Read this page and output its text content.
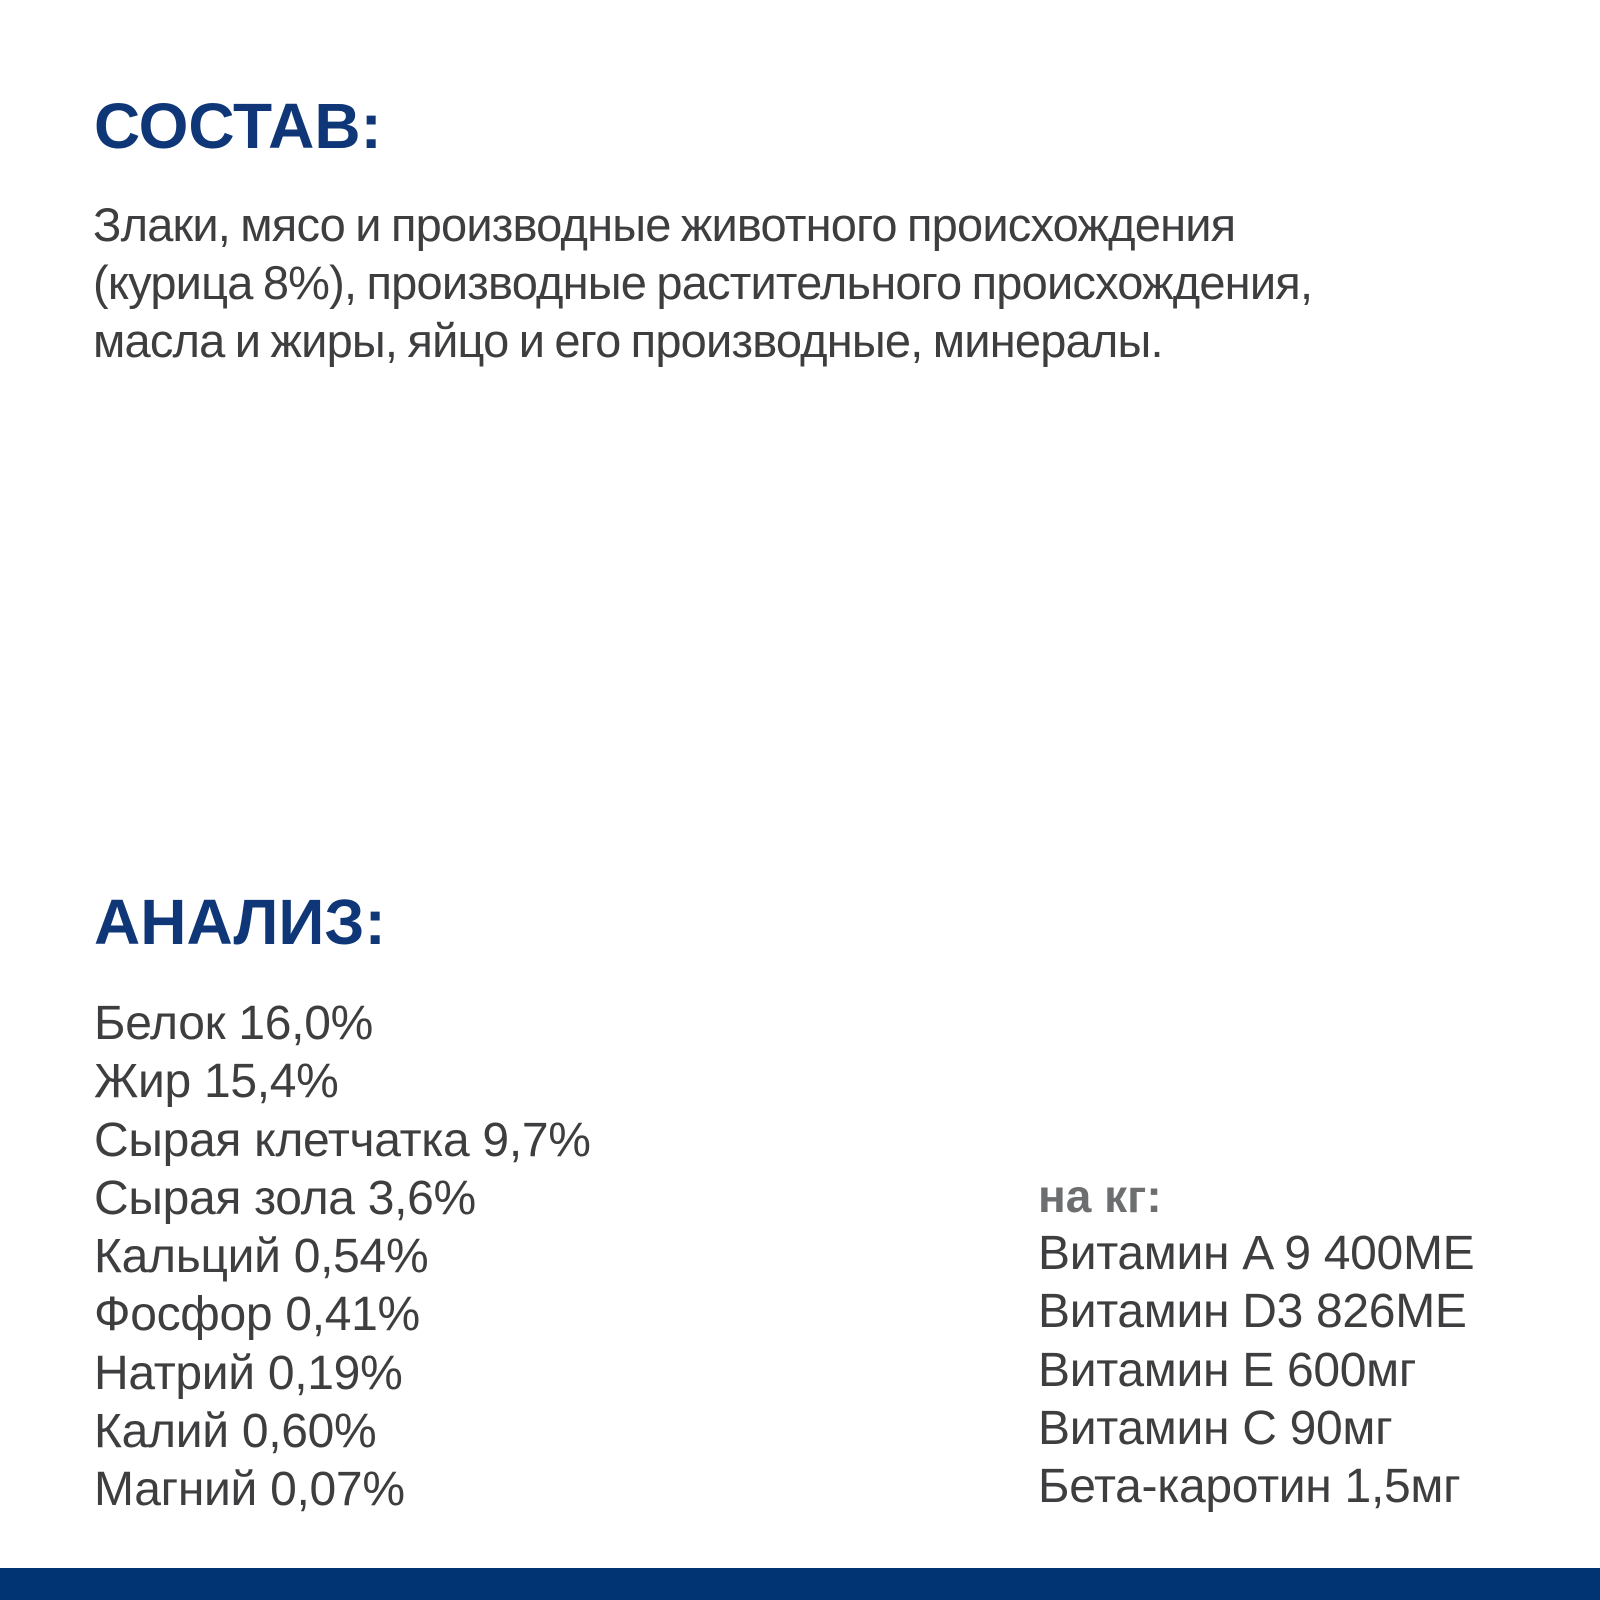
СОСТАВ:

Злаки, мясо и производные животного происхождения
(курица 8%), производные растительного происхождения,
масла и жиры, яйцо и его производные, минералы.

АНАЛИЗ:
Белок 16,0%
Жир 15,4%
Сырая клетчатка 9,7%
Сырая зола 3,6%
Кальций 0,54%
Фосфор 0,41%
Натрий 0,19%
Калий 0,60%
Магний 0,07%

на кг:

Витамин A 9 400МЕ
Витамин D3 826МЕ
Витамин E 600мг
Витамин C 90мг
Бета-каротин 1,5мг
